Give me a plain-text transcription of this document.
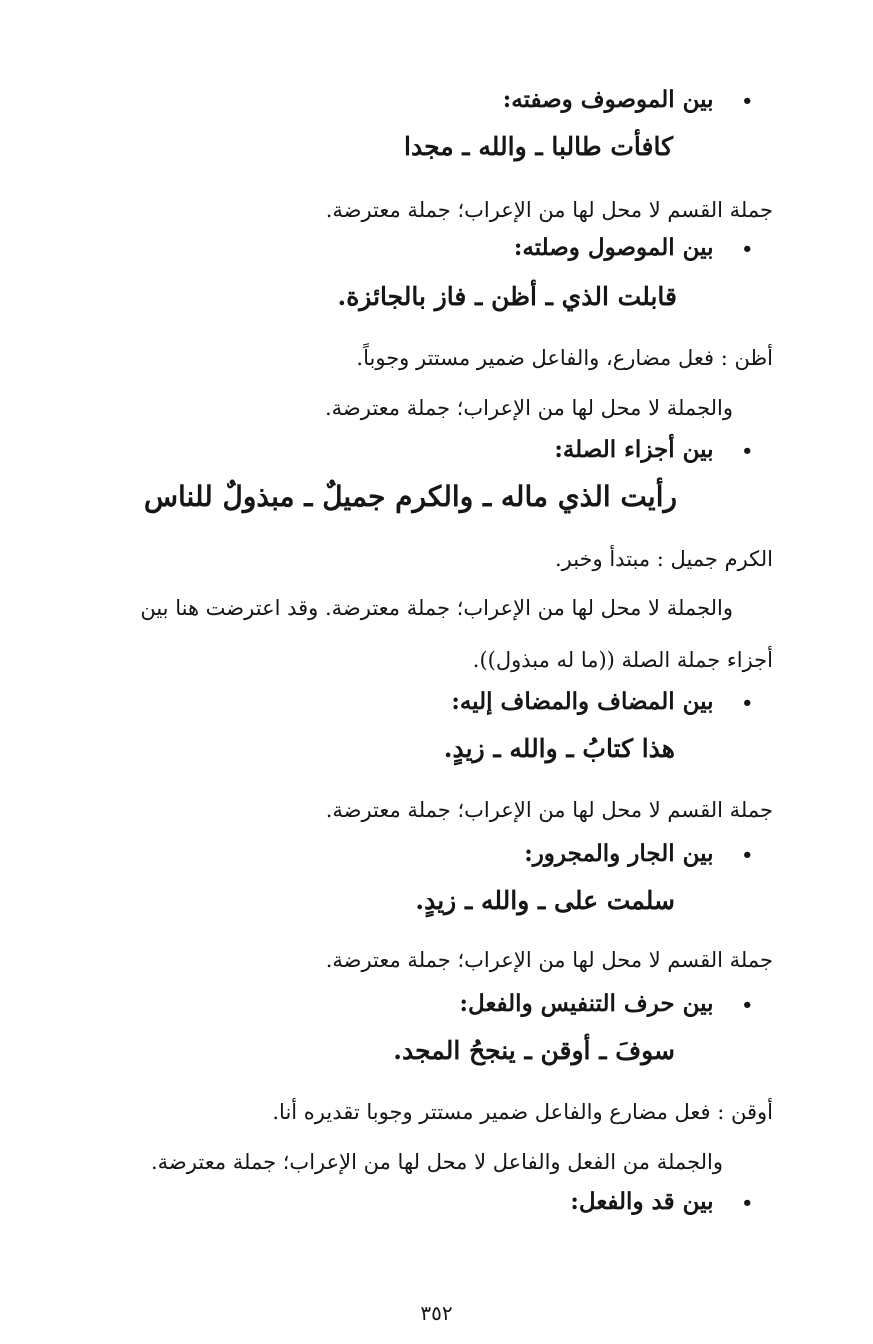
•بين الموصوف وصفته:
كافأت طالبا ـ والله ـ مجدا
جملة القسم لا محل لها من الإعراب؛ جملة معترضة.
•بين الموصول وصلته:
قابلت الذي ـ أظن ـ فاز بالجائزة.
أظن : فعل مضارع، والفاعل ضمير مستتر وجوباً.
والجملة لا محل لها من الإعراب؛ جملة معترضة.
•بين أجزاء الصلة:
رأيت الذي ماله ـ والكرم جميلٌ ـ مبذولٌ للناس
الكرم جميل : مبتدأ وخبر.
والجملة لا محل لها من الإعراب؛ جملة معترضة. وقد اعترضت هنا بين
أجزاء جملة الصلة ((ما له مبذول)).
•بين المضاف والمضاف إليه:
هذا كتابُ ـ والله ـ زيدٍ.
جملة القسم لا محل لها من الإعراب؛ جملة معترضة.
•بين الجار والمجرور:
سلمت على ـ والله ـ زيدٍ.
جملة القسم لا محل لها من الإعراب؛ جملة معترضة.
•بين حرف التنفيس والفعل:
سوفَ ـ أوقن ـ ينجحُ المجد.
أوقن : فعل مضارع والفاعل ضمير مستتر وجوبا تقديره أنا.
والجملة من الفعل والفاعل لا محل لها من الإعراب؛ جملة معترضة.
•بين قد والفعل:
٣٥٢
